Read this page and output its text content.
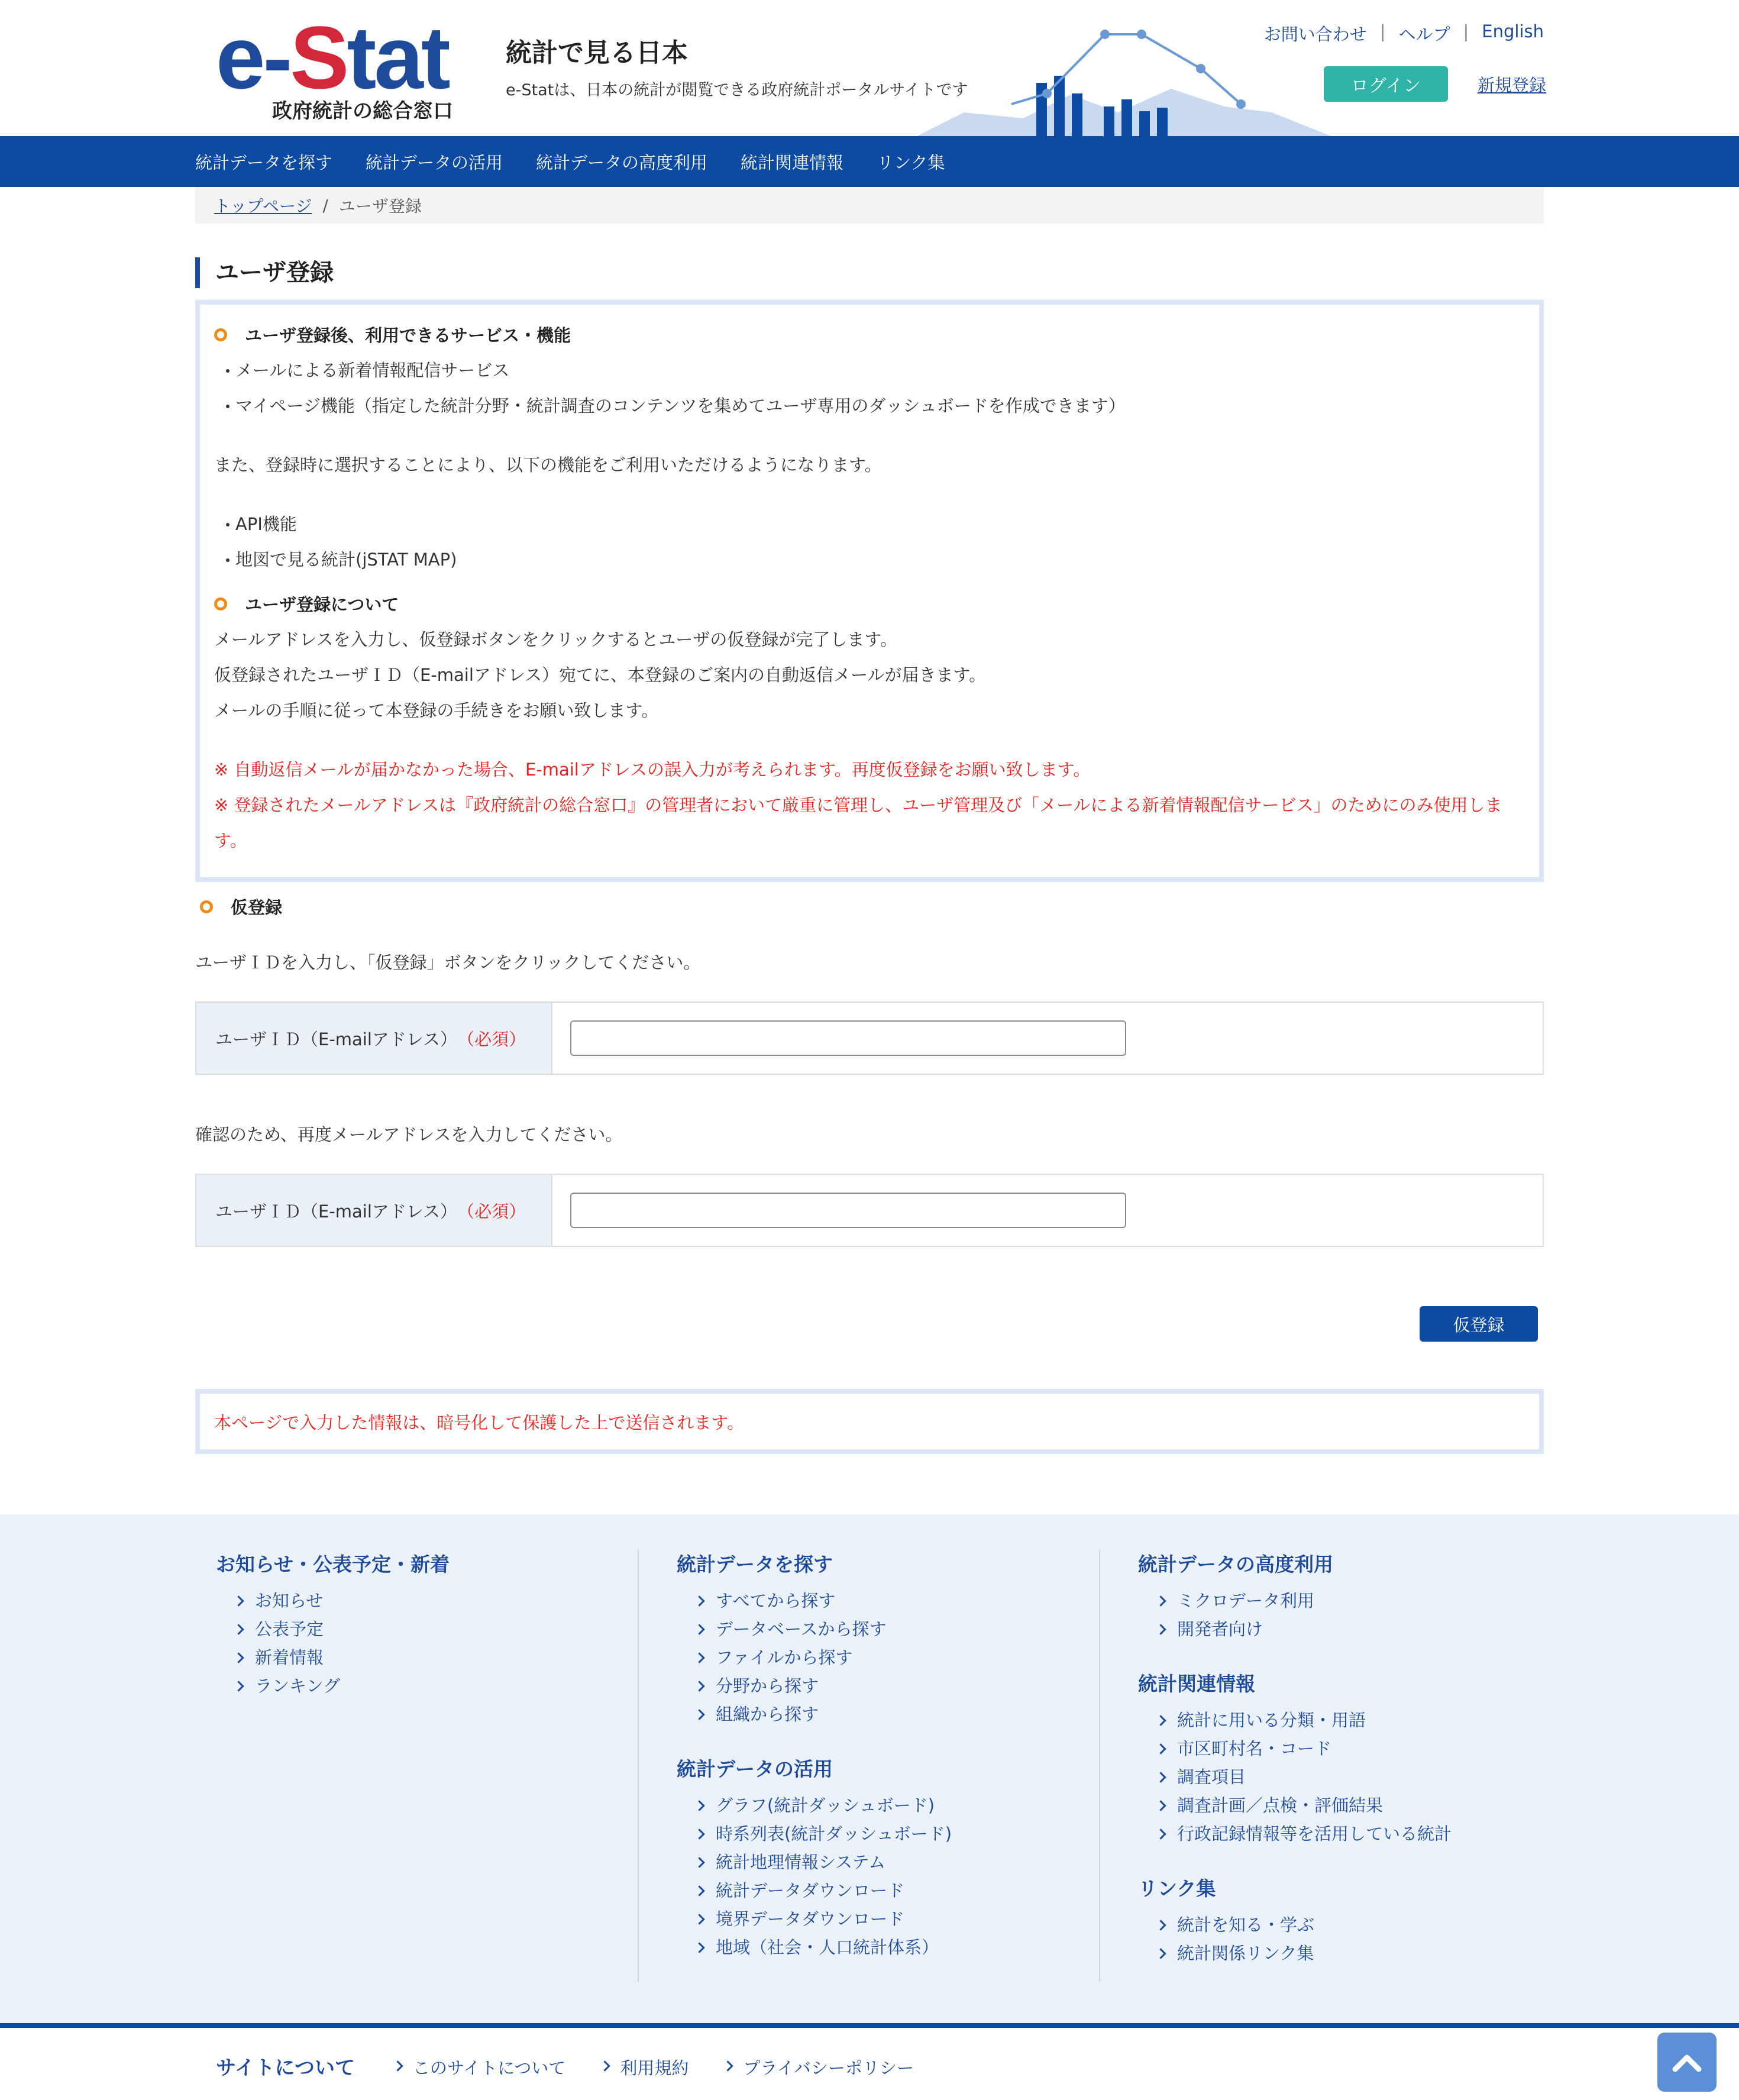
e-Stat
政府統計の総合窓口
統計で見る日本
e-Statは、日本の統計が閲覧できる政府統計ポータルサイトです
お問い合わせ | ヘルプ | English
ログイン	新規登録
統計データを探す 統計データの活用 統計データの高度利用 統計関連情報 リンク集
トップページ / ユーザ登録
ユーザ登録
ユーザ登録後、利用できるサービス・機能
メールによる新着情報配信サービス
マイページ機能（指定した統計分野・統計調査のコンテンツを集めてユーザ専用のダッシュボードを作成できます）

また、登録時に選択することにより、以下の機能をご利用いただけるようになります。

API機能
地図で見る統計(jSTAT MAP)
ユーザ登録について

メールアドレスを入力し、仮登録ボタンをクリックするとユーザの仮登録が完了します。

仮登録されたユーザＩＤ（E-mailアドレス）宛てに、本登録のご案内の自動返信メールが届きます。

メールの手順に従って本登録の手続きをお願い致します。

※ 自動返信メールが届かなかった場合、E-mailアドレスの誤入力が考えられます。再度仮登録をお願い致します。

※ 登録されたメールアドレスは『政府統計の総合窓口』の管理者において厳重に管理し、ユーザ管理及び「メールによる新着情報配信サービス」のためにのみ使用します。

仮登録

ユーザＩＤを入力し、「仮登録」ボタンをクリックしてください。

ユーザＩＤ（E-mailアドレス） （必須）

確認のため、再度メールアドレスを入力してください。

ユーザＩＤ（E-mailアドレス） （必須）
仮登録
本ページで入力した情報は、暗号化して保護した上で送信されます。
お知らせ・公表予定・新着
お知らせ
公表予定
新着情報
ランキング
統計データを探す
すべてから探す
データベースから探す
ファイルから探す
分野から探す
組織から探す
統計データの活用
グラフ(統計ダッシュボード)
時系列表(統計ダッシュボード)
統計地理情報システム
統計データダウンロード
境界データダウンロード
地域（社会・人口統計体系）
統計データの高度利用
ミクロデータ利用
開発者向け
統計関連情報
統計に用いる分類・用語
市区町村名・コード
調査項目
調査計画／点検・評価結果
行政記録情報等を活用している統計
リンク集
統計を知る・学ぶ
統計関係リンク集
サイトについて	このサイトについて	利用規約	プライバシーポリシー
